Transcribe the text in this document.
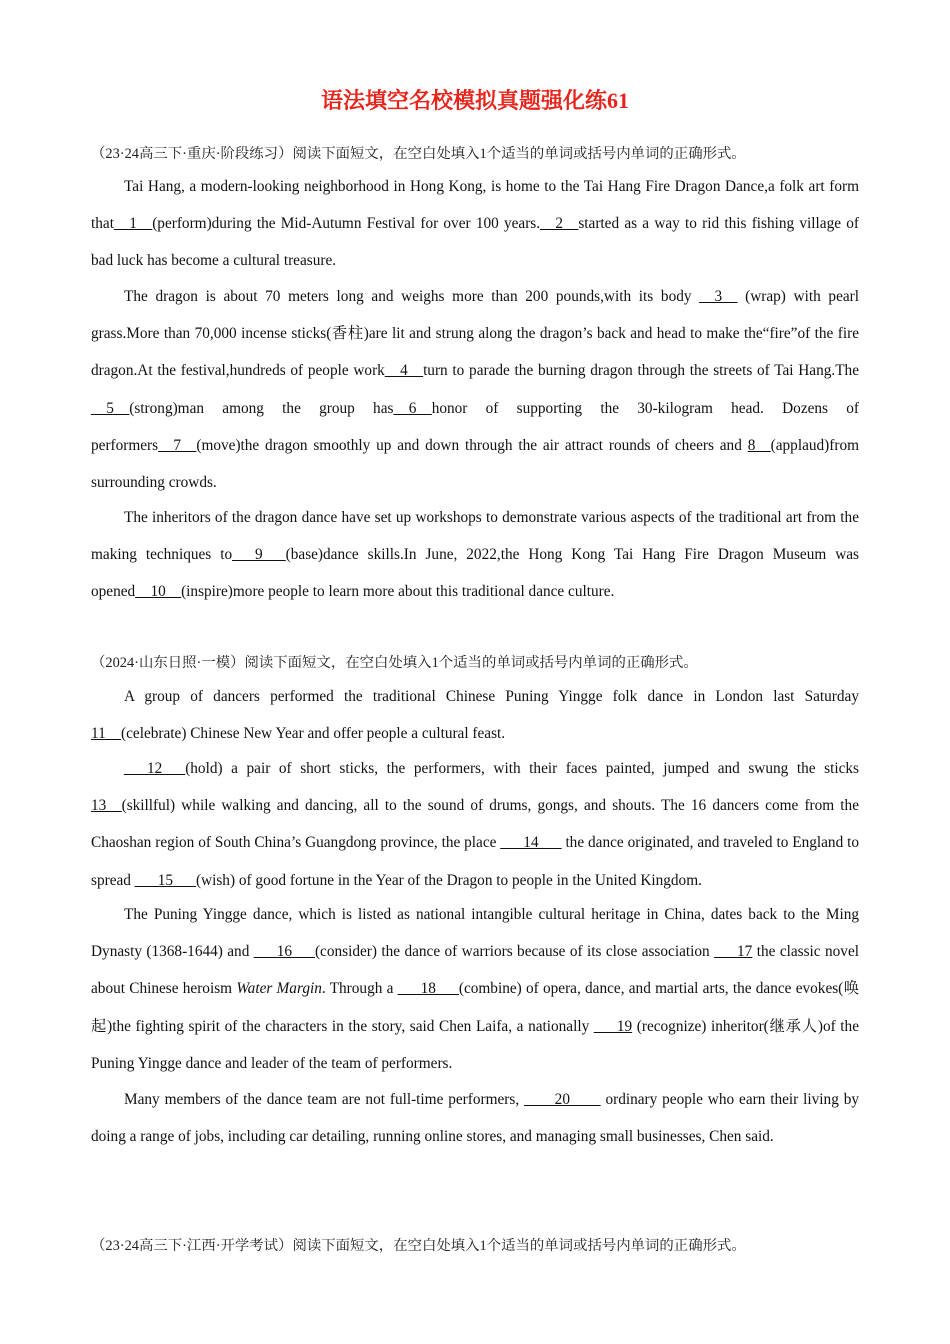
语法填空名校模拟真题强化练61
（23·24高三下·重庆·阶段练习）阅读下面短文，在空白处填入1个适当的单词或括号内单词的正确形式。

Tai Hang, a modern-looking neighborhood in Hong Kong, is home to the Tai Hang Fire Dragon Dance,a folk art form that__1__(perform)during the Mid-Autumn Festival for over 100 years.__2__started as a way to rid this fishing village of bad luck has become a cultural treasure.

The dragon is about 70 meters long and weighs more than 200 pounds,with its body __3__ (wrap) with pearl grass.More than 70,000 incense sticks(香柱)are lit and strung along the dragon’s back and head to make the“fire”of the fire dragon.At the festival,hundreds of people work__4__turn to parade the burning dragon through the streets of Tai Hang.The __5__(strong)man among the group has__6__honor of supporting the 30-kilogram head. Dozens of performers__7__(move)the dragon smoothly up and down through the air attract rounds of cheers and 8__(applaud)from surrounding crowds.

The inheritors of the dragon dance have set up workshops to demonstrate various aspects of the traditional art from the making techniques to___9___(base)dance skills.In June, 2022,the Hong Kong Tai Hang Fire Dragon Museum was opened__10__(inspire)more people to learn more about this traditional dance culture.

（2024·山东日照·一模）阅读下面短文，在空白处填入1个适当的单词或括号内单词的正确形式。

A group of dancers performed the traditional Chinese Puning Yingge folk dance in London last Saturday 11__(celebrate) Chinese New Year and offer people a cultural feast.

___12___(hold) a pair of short sticks, the performers, with their faces painted, jumped and swung the sticks 13__(skillful) while walking and dancing, all to the sound of drums, gongs, and shouts. The 16 dancers come from the Chaoshan region of South China’s Guangdong province, the place ___14___ the dance originated, and traveled to England to spread ___15___(wish) of good fortune in the Year of the Dragon to people in the United Kingdom.

The Puning Yingge dance, which is listed as national intangible cultural heritage in China, dates back to the Ming Dynasty (1368-1644) and ___16___(consider) the dance of warriors because of its close association ___17 the classic novel about Chinese heroism Water Margin. Through a ___18___(combine) of opera, dance, and martial arts, the dance evokes(唤起)the fighting spirit of the characters in the story, said Chen Laifa, a nationally ___19 (recognize) inheritor(继承人)of the Puning Yingge dance and leader of the team of performers.

Many members of the dance team are not full-time performers, ____20____ ordinary people who earn their living by doing a range of jobs, including car detailing, running online stores, and managing small businesses, Chen said.

（23·24高三下·江西·开学考试）阅读下面短文，在空白处填入1个适当的单词或括号内单词的正确形式。
